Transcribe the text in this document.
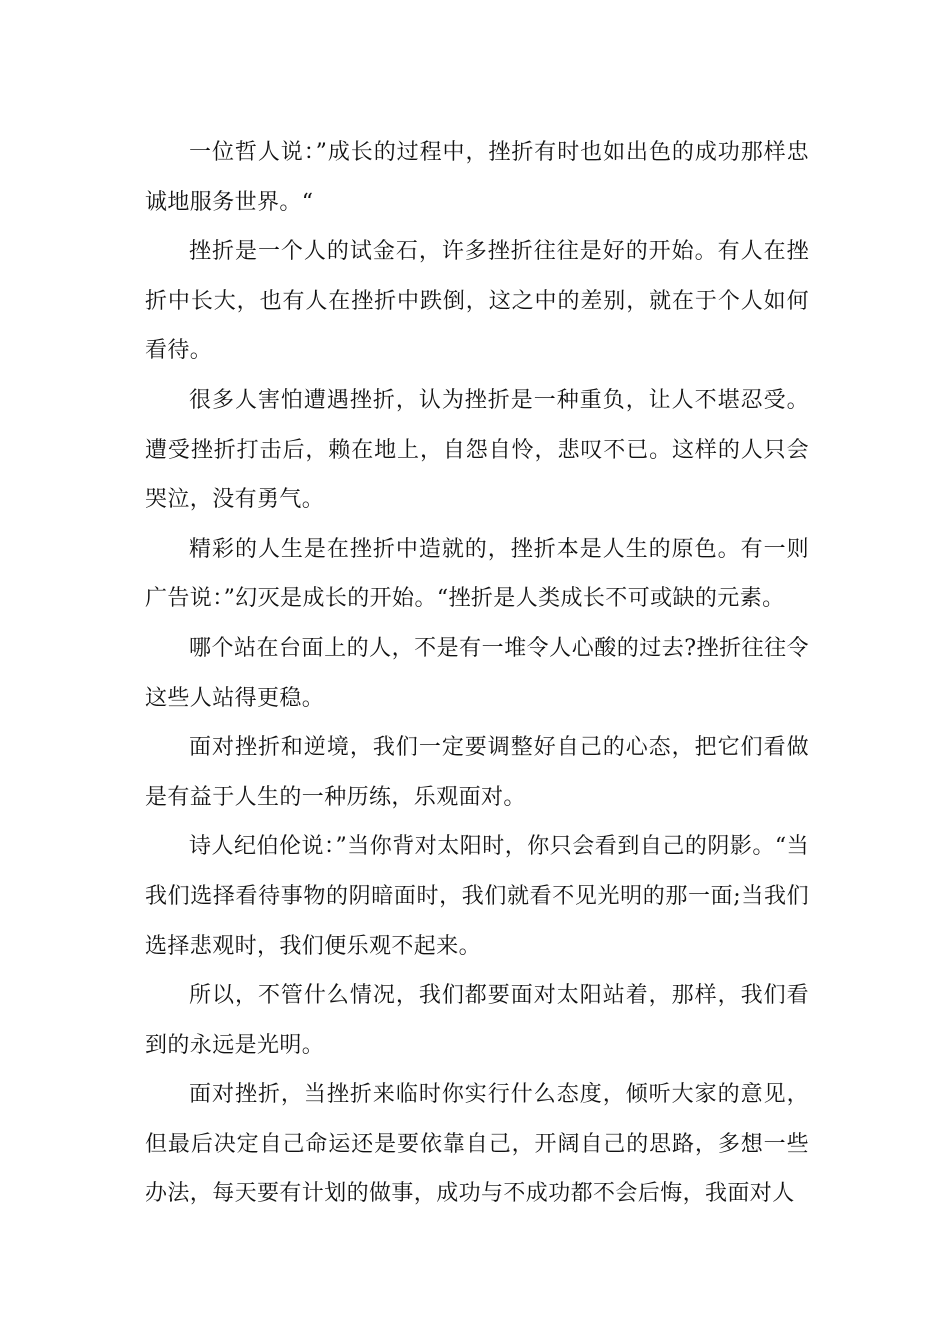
一位哲人说：”成长的过程中，挫折有时也如出色的成功那样忠诚地服务世界。“

挫折是一个人的试金石，许多挫折往往是好的开始。有人在挫折中长大，也有人在挫折中跌倒，这之中的差别，就在于个人如何看待。

很多人害怕遭遇挫折，认为挫折是一种重负，让人不堪忍受。遭受挫折打击后，赖在地上，自怨自怜，悲叹不已。这样的人只会哭泣，没有勇气。

精彩的人生是在挫折中造就的，挫折本是人生的原色。有一则广告说：”幻灭是成长的开始。“挫折是人类成长不可或缺的元素。

哪个站在台面上的人，不是有一堆令人心酸的过去?挫折往往令这些人站得更稳。

面对挫折和逆境，我们一定要调整好自己的心态，把它们看做是有益于人生的一种历练，乐观面对。

诗人纪伯伦说：”当你背对太阳时，你只会看到自己的阴影。“当我们选择看待事物的阴暗面时，我们就看不见光明的那一面;当我们选择悲观时，我们便乐观不起来。

所以，不管什么情况，我们都要面对太阳站着，那样，我们看到的永远是光明。

面对挫折，当挫折来临时你实行什么态度，倾听大家的意见，但最后决定自己命运还是要依靠自己，开阔自己的思路，多想一些办法，每天要有计划的做事，成功与不成功都不会后悔，我面对人
